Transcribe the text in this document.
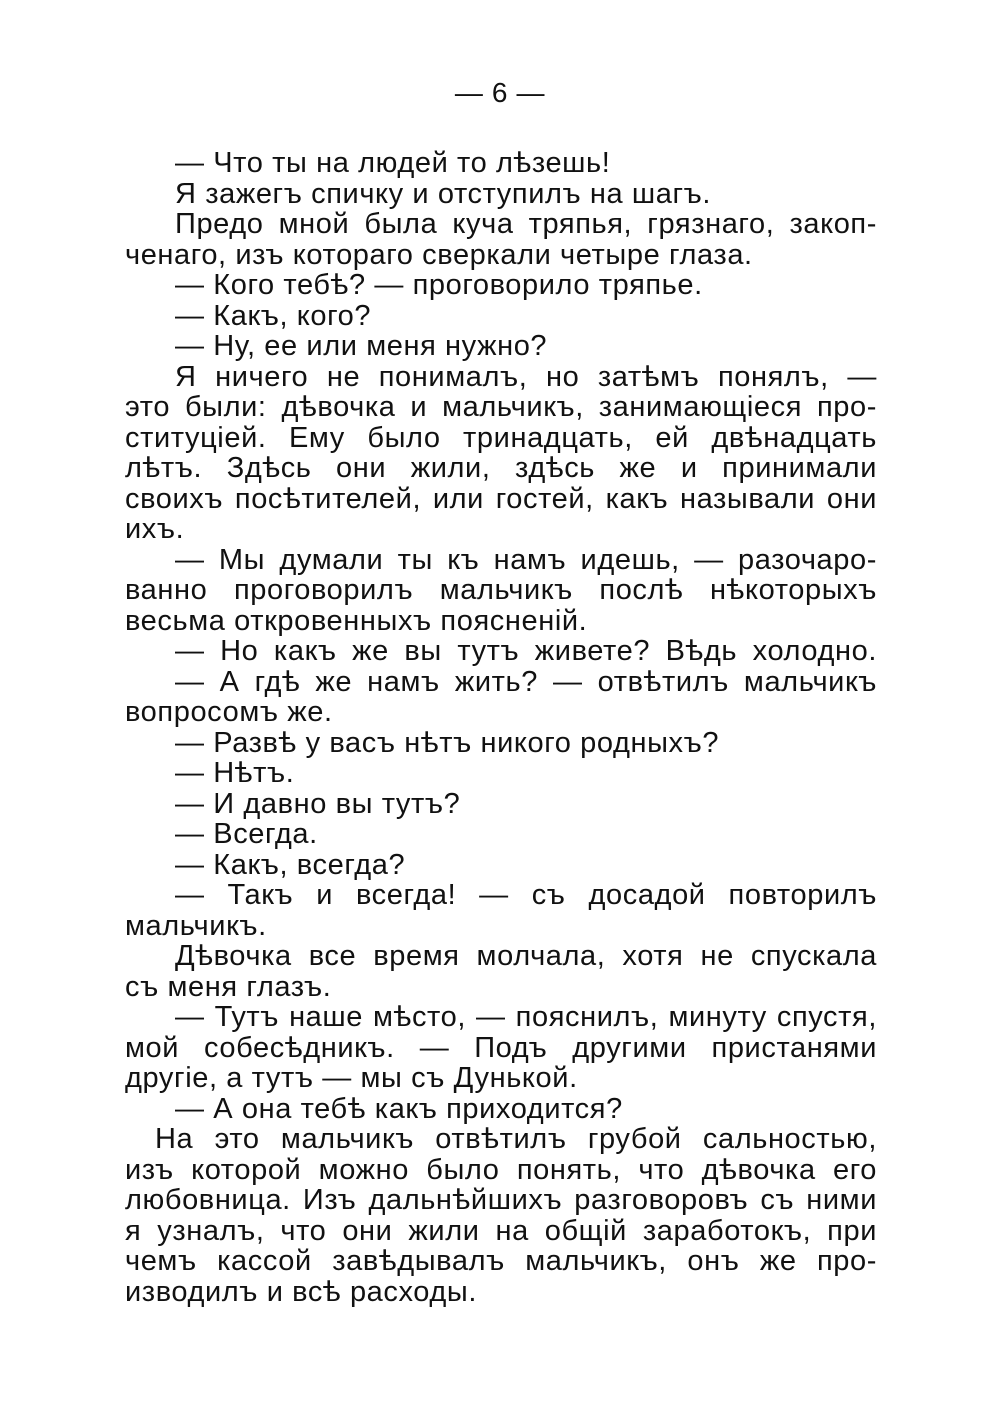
— 6 —
— Что ты на людей то лѣзешь!
Я зажегъ спичку и отступилъ на шагъ.
Предо мной была куча тряпья, грязнаго, закоп-
ченаго, изъ котораго сверкали четыре глаза.
— Кого тебѣ? — проговорило тряпье.
— Какъ, кого?
— Ну, ее или меня нужно?
Я ничего не понималъ, но затѣмъ понялъ, —
это были: дѣвочка и мальчикъ, занимающіеся про-
ституціей. Ему было тринадцать, ей двѣнадцать
лѣтъ. Здѣсь они жили, здѣсь же и принимали
своихъ посѣтителей, или гостей, какъ называли они
ихъ.
— Мы думали ты къ намъ идешь, — разочаро-
ванно проговорилъ мальчикъ послѣ нѣкоторыхъ
весьма откровенныхъ поясненій.
— Но какъ же вы тутъ живете? Вѣдь холодно.
— А гдѣ же намъ жить? — отвѣтилъ мальчикъ
вопросомъ же.
— Развѣ у васъ нѣтъ никого родныхъ?
— Нѣтъ.
— И давно вы тутъ?
— Всегда.
— Какъ, всегда?
— Такъ и всегда! — съ досадой повторилъ
мальчикъ.
Дѣвочка все время молчала, хотя не спускала
съ меня глазъ.
— Тутъ наше мѣсто, — пояснилъ, минуту спустя,
мой собесѣдникъ. — Подъ другими пристанями
другіе, а тутъ — мы съ Дунькой.
— А она тебѣ какъ приходится?
На это мальчикъ отвѣтилъ грубой сальностью,
изъ которой можно было понять, что дѣвочка его
любовница. Изъ дальнѣйшихъ разговоровъ съ ними
я узналъ, что они жили на общій заработокъ, при
чемъ кассой завѣдывалъ мальчикъ, онъ же про-
изводилъ и всѣ расходы.
